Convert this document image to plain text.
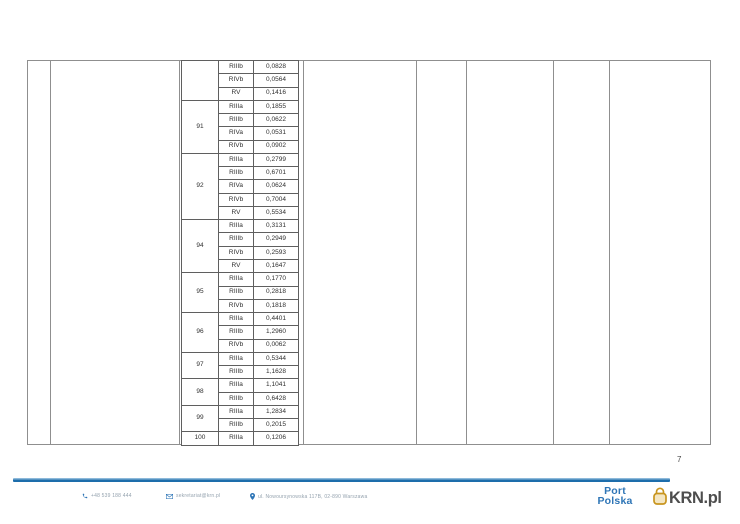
	RIIIb	0,0828
	RIVb	0,0564
	RV	0,1416
91	RIIIa	0,1855
	RIIIb	0,0622
	RIVa	0,0531
	RIVb	0,0902
92	RIIIa	0,2799
	RIIIb	0,6701
	RIVa	0,0624
	RIVb	0,7004
	RV	0,5534
94	RIIIa	0,3131
	RIIIb	0,2949
	RIVb	0,2593
	RV	0,1647
95	RIIIa	0,1770
	RIIIb	0,2818
	RIVb	0,1818
96	RIIIa	0,4401
	RIIIb	1,2960
	RIVb	0,0062
97	RIIIa	0,5344
	RIIIb	1,1628
98	RIIIa	1,1041
	RIIIb	0,6428
99	RIIIa	1,2834
	RIIIb	0,2015
100	RIIIa	0,1206
7
+48 539 188 444	sekretariat@krn.pl	ul. Nowoursynowska 117B, 02-890 Warszawa	Port
Polska	KRN.pl
